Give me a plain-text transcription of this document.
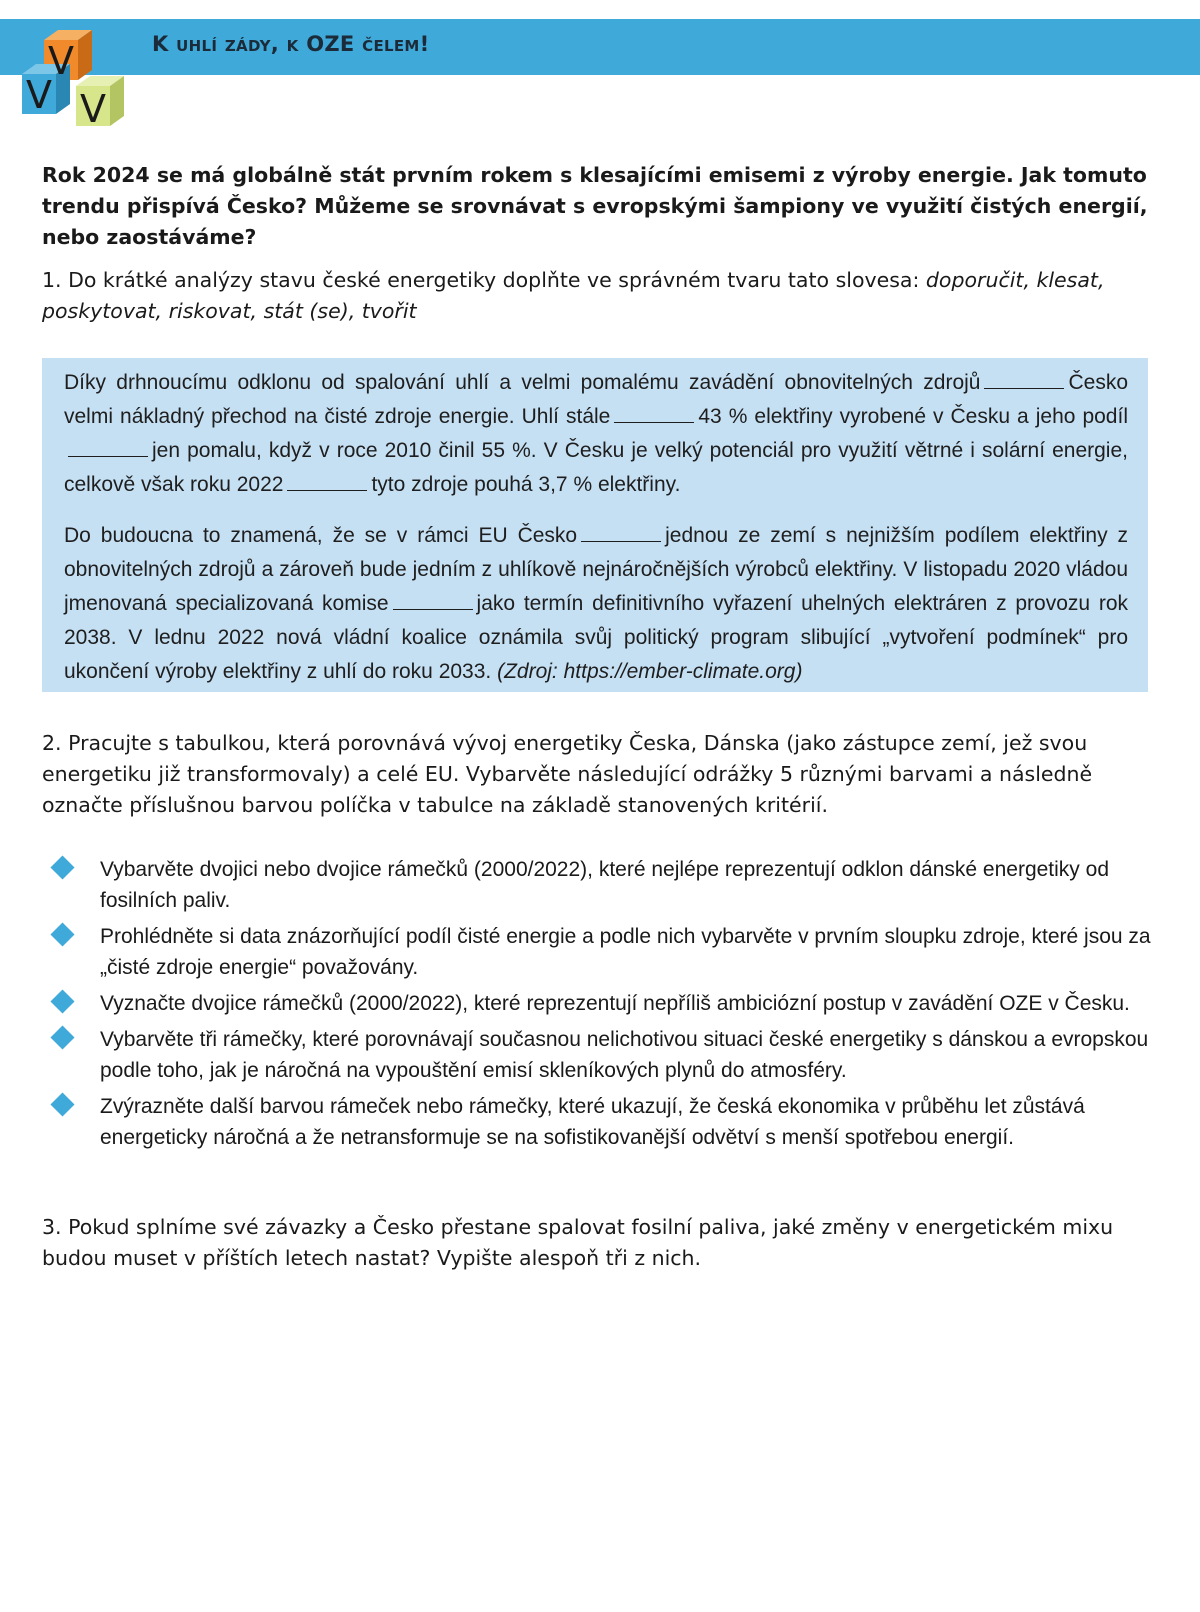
V
V V
K uhlí zády, k OZE čelem!

Rok 2024 se má globálně stát prvním rokem s klesajícími emisemi z výroby energie. Jak tomuto trendu přispívá Česko? Můžeme se srovnávat s evropskými šampiony ve využití čistých energií, nebo zaostáváme?

1. Do krátké analýzy stavu české energetiky doplňte ve správném tvaru tato slovesa: doporučit, klesat, poskytovat, riskovat, stát (se), tvořit

Díky drhnoucímu odklonu od spalování uhlí a velmi pomalému zavádění obnovitelných zdrojů	Česko velmi nákladný přechod na čisté zdroje energie. Uhlí stále	43 % elektřiny vyrobené v Česku a jeho podíljen pomalu, když v roce 2010 činil 55 %. V Česku je velký potenciál pro využití větrné i solární energie, celkově však roku 2022	tyto zdroje pouhá 3,7 % elektřiny.

Do budoucna to znamená, že se v rámci EU Česko	jednou ze zemí s nejnižším podílem elektřiny z obnovitelných zdrojů a zároveň bude jedním z uhlíkově nejnáročnějších výrobců elektřiny. V listopadu 2020 vládou jmenovaná specializovaná komise	jako termín definitivního vyřazení uhelných elektráren z provozu rok 2038. V lednu 2022 nová vládní koalice oznámila svůj politický program slibující „vytvoření podmínek“ pro ukončení výroby elektřiny z uhlí do roku 2033. (Zdroj: https://ember-climate.org)

2. Pracujte s tabulkou, která porovnává vývoj energetiky Česka, Dánska (jako zástupce zemí, jež svou energetiku již transformovaly) a celé EU. Vybarvěte následující odrážky 5 různými barvami a následně označte příslušnou barvou políčka v tabulce na základě stanovených kritérií.

Vybarvěte dvojici nebo dvojice rámečků (2000/2022), které nejlépe reprezentují odklon dánské energetiky od fosilních paliv.
Prohlédněte si data znázorňující podíl čisté energie a podle nich vybarvěte v prvním sloupku zdroje, které jsou za „čisté zdroje energie“ považovány.
Vyznačte dvojice rámečků (2000/2022), které reprezentují nepříliš ambiciózní postup v zavádění OZE v Česku.
Vybarvěte tři rámečky, které porovnávají současnou nelichotivou situaci české energetiky s dánskou a evropskou podle toho, jak je náročná na vypouštění emisí skleníkových plynů do atmosféry.
Zvýrazněte další barvou rámeček nebo rámečky, které ukazují, že česká ekonomika v průběhu let zůstává energeticky náročná a že netransformuje se na sofistikovanější odvětví s menší spotřebou energií.

3. Pokud splníme své závazky a Česko přestane spalovat fosilní paliva, jaké změny v energetickém mixu budou muset v příštích letech nastat? Vypište alespoň tři z nich.
